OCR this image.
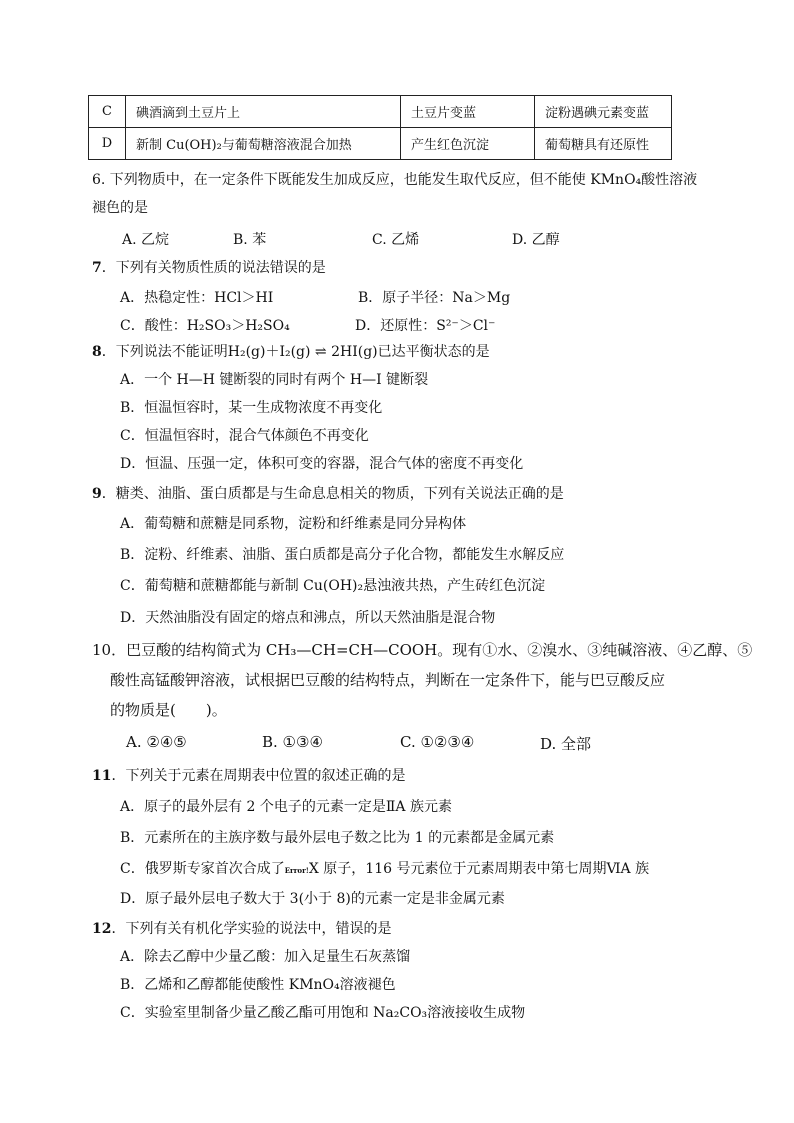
C	碘酒滴到土豆片上	土豆片变蓝	淀粉遇碘元素变蓝
D	新制 Cu(OH)₂与葡萄糖溶液混合加热	产生红色沉淀	葡萄糖具有还原性
6. 下列物质中，在一定条件下既能发生加成反应，也能发生取代反应，但不能使 KMnO₄酸性溶液
褪色的是
A. 乙烷	B. 苯	C. 乙烯	D. 乙醇
7．下列有关物质性质的说法错误的是
A．热稳定性：HCl＞HI	B．原子半径：Na＞Mg
C．酸性：H₂SO₃＞H₂SO₄	D．还原性：S²⁻＞Cl⁻
8．下列说法不能证明H₂(g)＋I₂(g) ⇌ 2HI(g)已达平衡状态的是
A．一个 H—H 键断裂的同时有两个 H—I 键断裂
B．恒温恒容时，某一生成物浓度不再变化
C．恒温恒容时，混合气体颜色不再变化
D．恒温、压强一定，体积可变的容器，混合气体的密度不再变化
9．糖类、油脂、蛋白质都是与生命息息相关的物质，下列有关说法正确的是
A．葡萄糖和蔗糖是同系物，淀粉和纤维素是同分异构体
B．淀粉、纤维素、油脂、蛋白质都是高分子化合物，都能发生水解反应
C．葡萄糖和蔗糖都能与新制 Cu(OH)₂悬浊液共热，产生砖红色沉淀
D．天然油脂没有固定的熔点和沸点，所以天然油脂是混合物
10．巴豆酸的结构简式为 CH₃—CH=CH—COOH。现有①水、②溴水、③纯碱溶液、④乙醇、⑤
酸性高锰酸钾溶液，试根据巴豆酸的结构特点，判断在一定条件下，能与巴豆酸反应
的物质是(　　)。
A. ②④⑤	B. ①③④	C. ①②③④	D. 全部
11．下列关于元素在周期表中位置的叙述正确的是
A．原子的最外层有 2 个电子的元素一定是ⅡA 族元素
B．元素所在的主族序数与最外层电子数之比为 1 的元素都是金属元素
C．俄罗斯专家首次合成了Error!X 原子，116 号元素位于元素周期表中第七周期ⅥA 族
D．原子最外层电子数大于 3(小于 8)的元素一定是非金属元素
12．下列有关有机化学实验的说法中，错误的是
A．除去乙醇中少量乙酸：加入足量生石灰蒸馏
B．乙烯和乙醇都能使酸性 KMnO₄溶液褪色
C．实验室里制备少量乙酸乙酯可用饱和 Na₂CO₃溶液接收生成物
